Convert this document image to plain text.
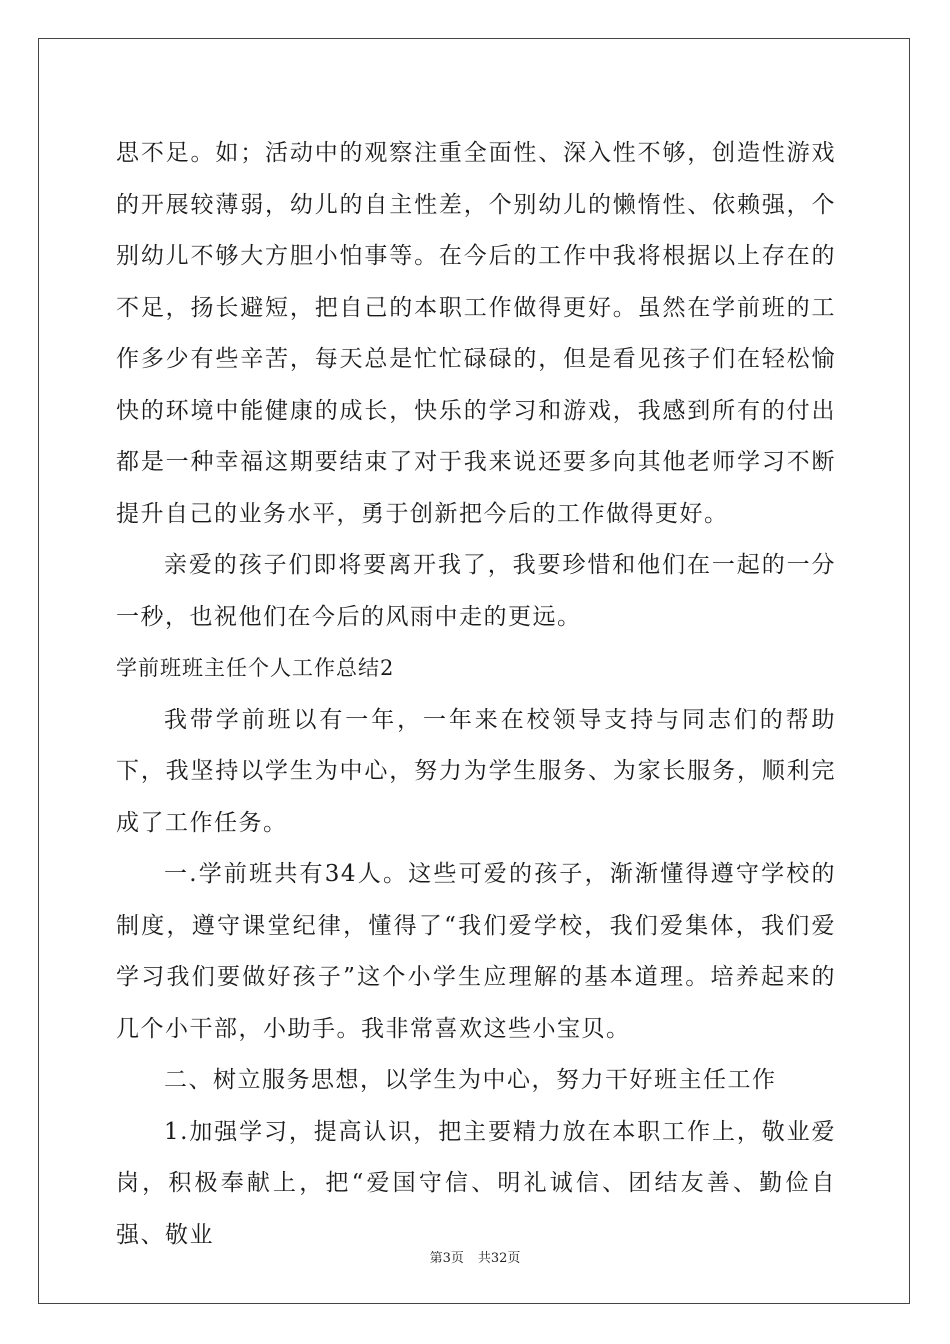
思不足。如；活动中的观察注重全面性、深入性不够，创造性游戏的开展较薄弱，幼儿的自主性差，个别幼儿的懒惰性、依赖强，个别幼儿不够大方胆小怕事等。在今后的工作中我将根据以上存在的不足，扬长避短，把自己的本职工作做得更好。虽然在学前班的工作多少有些辛苦，每天总是忙忙碌碌的，但是看见孩子们在轻松愉快的环境中能健康的成长，快乐的学习和游戏，我感到所有的付出都是一种幸福这期要结束了对于我来说还要多向其他老师学习不断提升自己的业务水平，勇于创新把今后的工作做得更好。

亲爱的孩子们即将要离开我了，我要珍惜和他们在一起的一分一秒，也祝他们在今后的风雨中走的更远。

学前班班主任个人工作总结2

我带学前班以有一年，一年来在校领导支持与同志们的帮助下，我坚持以学生为中心，努力为学生服务、为家长服务，顺利完成了工作任务。

一.学前班共有34人。这些可爱的孩子，渐渐懂得遵守学校的制度，遵守课堂纪律，懂得了“我们爱学校，我们爱集体，我们爱学习我们要做好孩子”这个小学生应理解的基本道理。培养起来的几个小干部，小助手。我非常喜欢这些小宝贝。

二、树立服务思想，以学生为中心，努力干好班主任工作

1.加强学习，提高认识，把主要精力放在本职工作上，敬业爱岗，积极奉献上，把“爱国守信、明礼诚信、团结友善、勤俭自强、敬业

第3页 共32页
